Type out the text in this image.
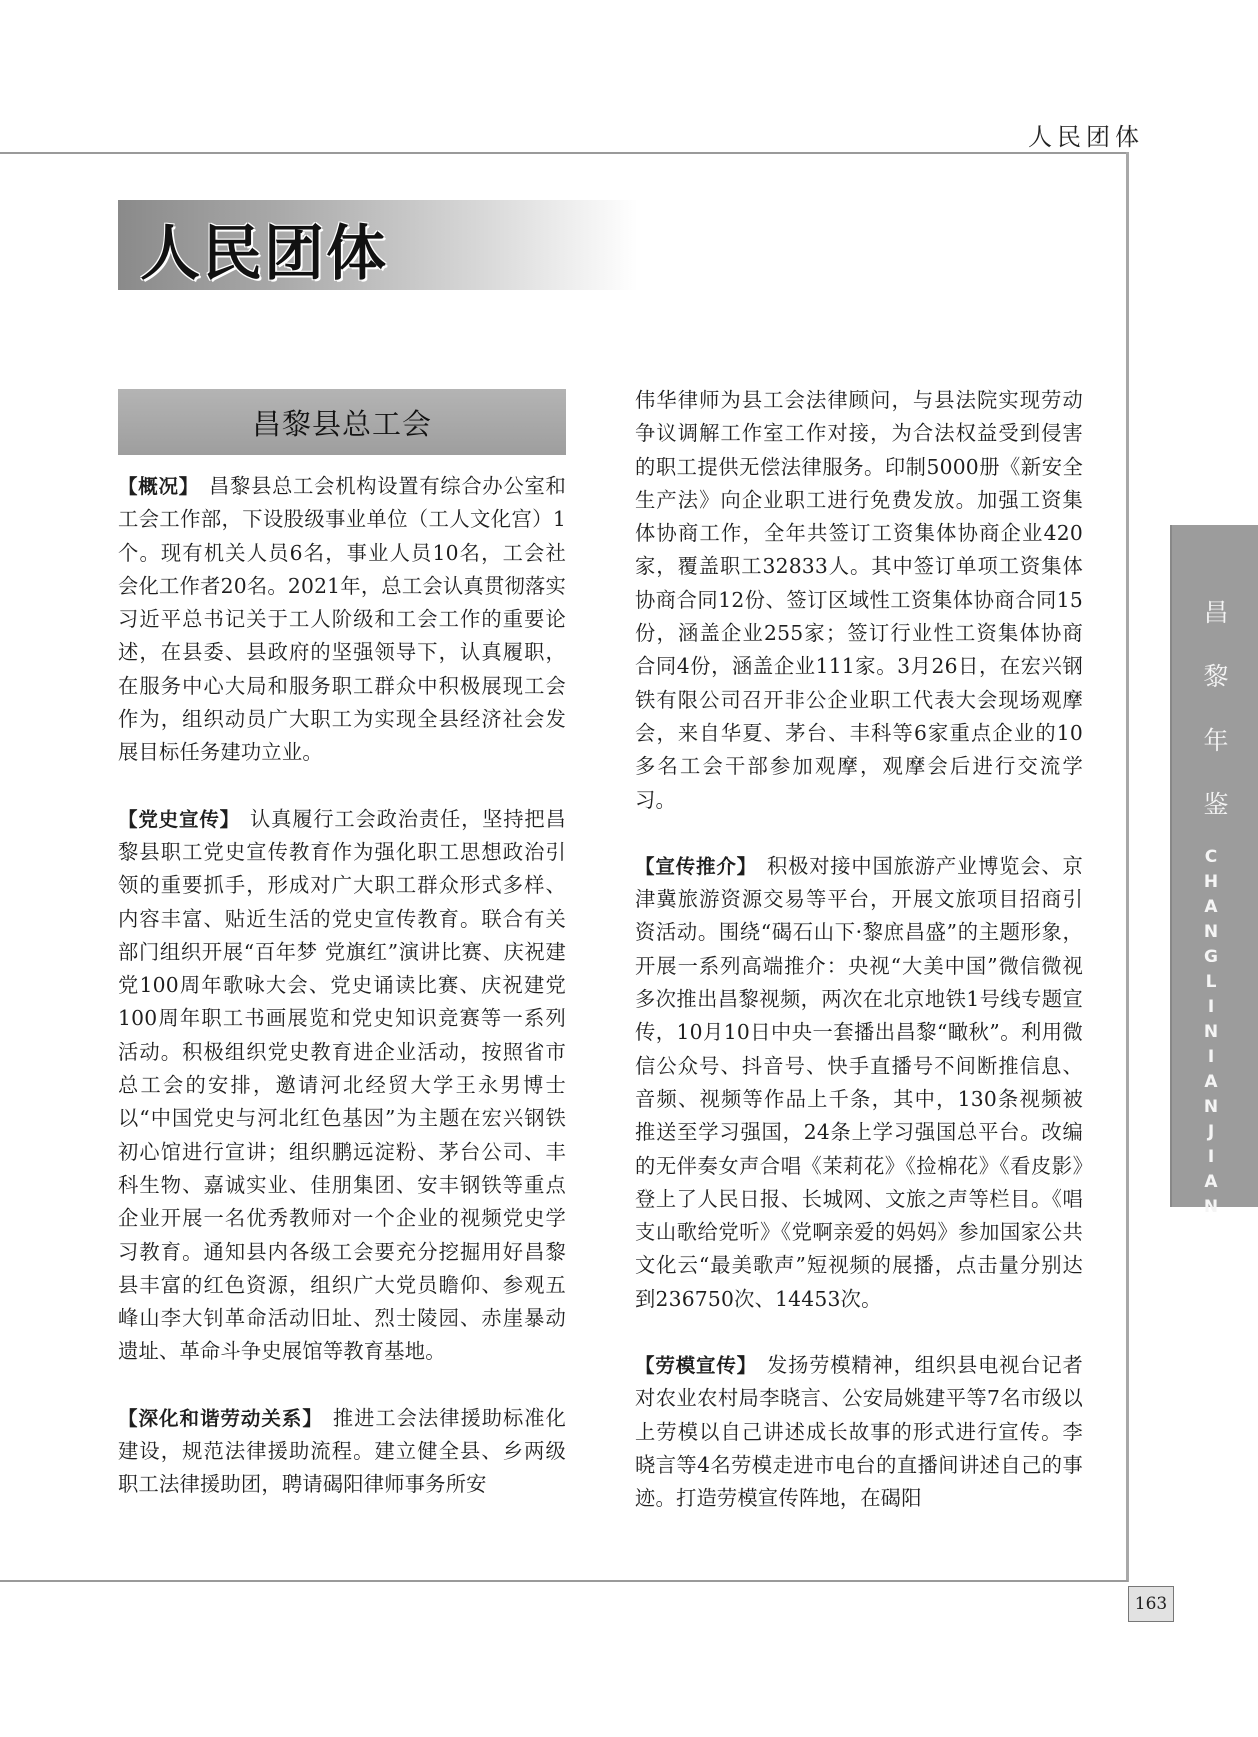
人民团体
人民团体
昌黎县总工会

【概况】 昌黎县总工会机构设置有综合办公室和工会工作部，下设股级事业单位（工人文化宫）1个。现有机关人员6名，事业人员10名，工会社会化工作者20名。2021年，总工会认真贯彻落实习近平总书记关于工人阶级和工会工作的重要论述，在县委、县政府的坚强领导下，认真履职，在服务中心大局和服务职工群众中积极展现工会作为，组织动员广大职工为实现全县经济社会发展目标任务建功立业。

【党史宣传】 认真履行工会政治责任，坚持把昌黎县职工党史宣传教育作为强化职工思想政治引领的重要抓手，形成对广大职工群众形式多样、内容丰富、贴近生活的党史宣传教育。联合有关部门组织开展“百年梦 党旗红”演讲比赛、庆祝建党100周年歌咏大会、党史诵读比赛、庆祝建党100周年职工书画展览和党史知识竞赛等一系列活动。积极组织党史教育进企业活动，按照省市总工会的安排，邀请河北经贸大学王永男博士以“中国党史与河北红色基因”为主题在宏兴钢铁初心馆进行宣讲；组织鹏远淀粉、茅台公司、丰科生物、嘉诚实业、佳朋集团、安丰钢铁等重点企业开展一名优秀教师对一个企业的视频党史学习教育。通知县内各级工会要充分挖掘用好昌黎县丰富的红色资源，组织广大党员瞻仰、参观五峰山李大钊革命活动旧址、烈士陵园、赤崖暴动遗址、革命斗争史展馆等教育基地。

【深化和谐劳动关系】 推进工会法律援助标准化建设，规范法律援助流程。建立健全县、乡两级职工法律援助团，聘请碣阳律师事务所安

伟华律师为县工会法律顾问，与县法院实现劳动争议调解工作室工作对接，为合法权益受到侵害的职工提供无偿法律服务。印制5000册《新安全生产法》向企业职工进行免费发放。加强工资集体协商工作，全年共签订工资集体协商企业420家，覆盖职工32833人。其中签订单项工资集体协商合同12份、签订区域性工资集体协商合同15份，涵盖企业255家；签订行业性工资集体协商合同4份，涵盖企业111家。3月26日，在宏兴钢铁有限公司召开非公企业职工代表大会现场观摩会，来自华夏、茅台、丰科等6家重点企业的10多名工会干部参加观摩，观摩会后进行交流学习。

【宣传推介】 积极对接中国旅游产业博览会、京津冀旅游资源交易等平台，开展文旅项目招商引资活动。围绕“碣石山下·黎庶昌盛”的主题形象，开展一系列高端推介：央视“大美中国”微信微视多次推出昌黎视频，两次在北京地铁1号线专题宣传，10月10日中央一套播出昌黎“瞰秋”。利用微信公众号、抖音号、快手直播号不间断推信息、音频、视频等作品上千条，其中，130条视频被推送至学习强国，24条上学习强国总平台。改编的无伴奏女声合唱《茉莉花》《捡棉花》《看皮影》登上了人民日报、长城网、文旅之声等栏目。《唱支山歌给党听》《党啊亲爱的妈妈》参加国家公共文化云“最美歌声”短视频的展播，点击量分别达到236750次、14453次。

【劳模宣传】 发扬劳模精神，组织县电视台记者对农业农村局李晓言、公安局姚建平等7名市级以上劳模以自己讲述成长故事的形式进行宣传。李晓言等4名劳模走进市电台的直播间讲述自己的事迹。打造劳模宣传阵地，在碣阳

昌
黎
年
鉴
CHANGLINIANJIAN
163
